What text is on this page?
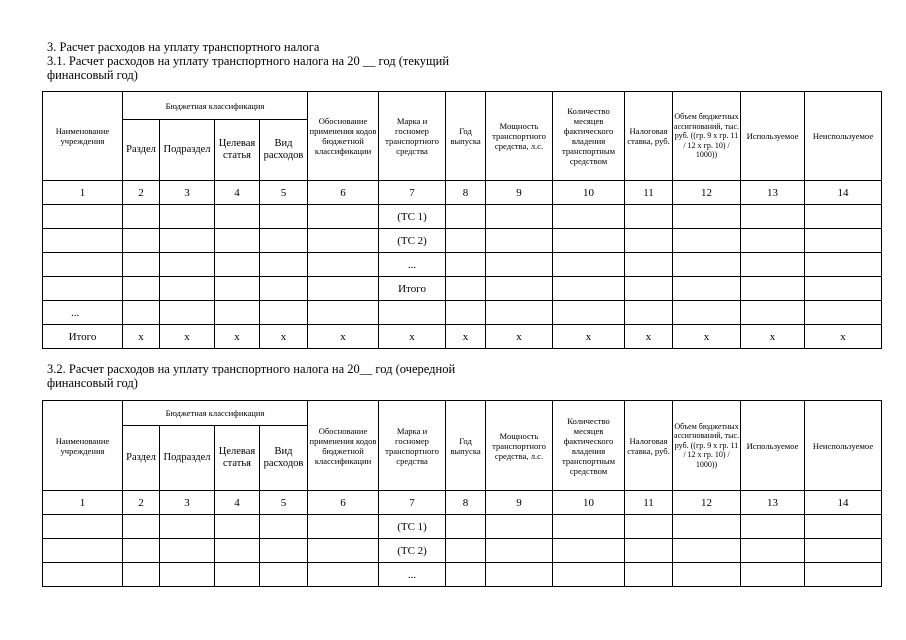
3. Расчет расходов на уплату транспортного налога
3.1. Расчет расходов на уплату транспортного налога на 20 __ год (текущий
финансовый год)
Наименование учреждения	Бюджетная классификация				Обоснование применения кодов бюджетной классификации	Марка и госномер транспортного средства	Год выпуска	Мощность транспортного средства, л.с.	Количество месяцев фактического владения транспортным средством	Налоговая ставка, руб.	Объем бюджетных ассигнований, тыс. руб. ((гр. 9 х гр. 11 / 12 х гр. 10) / 1000))	Используемое	Неиспользуемое
	Раздел	Подраздел	Целевая статья	Вид расходов									
1	2	3	4	5	6	7	8	9	10	11	12	13	14
						(ТС 1)							
						(ТС 2)							
						...							
						Итого							
...													
Итого	х	х	х	х	х	х	х	х	х	х	х	х	х
3.2. Расчет расходов на уплату транспортного налога на 20__ год (очередной
финансовый год)
Наименование учреждения	Бюджетная классификация				Обоснование применения кодов бюджетной классификации	Марка и госномер транспортного средства	Год выпуска	Мощность транспортного средства, л.с.	Количество месяцев фактического владения транспортным средством	Налоговая ставка, руб.	Объем бюджетных ассигнований, тыс. руб. ((гр. 9 х гр. 11 / 12 х гр. 10) / 1000))	Используемое	Неиспользуемое
	Раздел	Подраздел	Целевая статья	Вид расходов									
1	2	3	4	5	6	7	8	9	10	11	12	13	14
						(ТС 1)							
						(ТС 2)							
						...							
